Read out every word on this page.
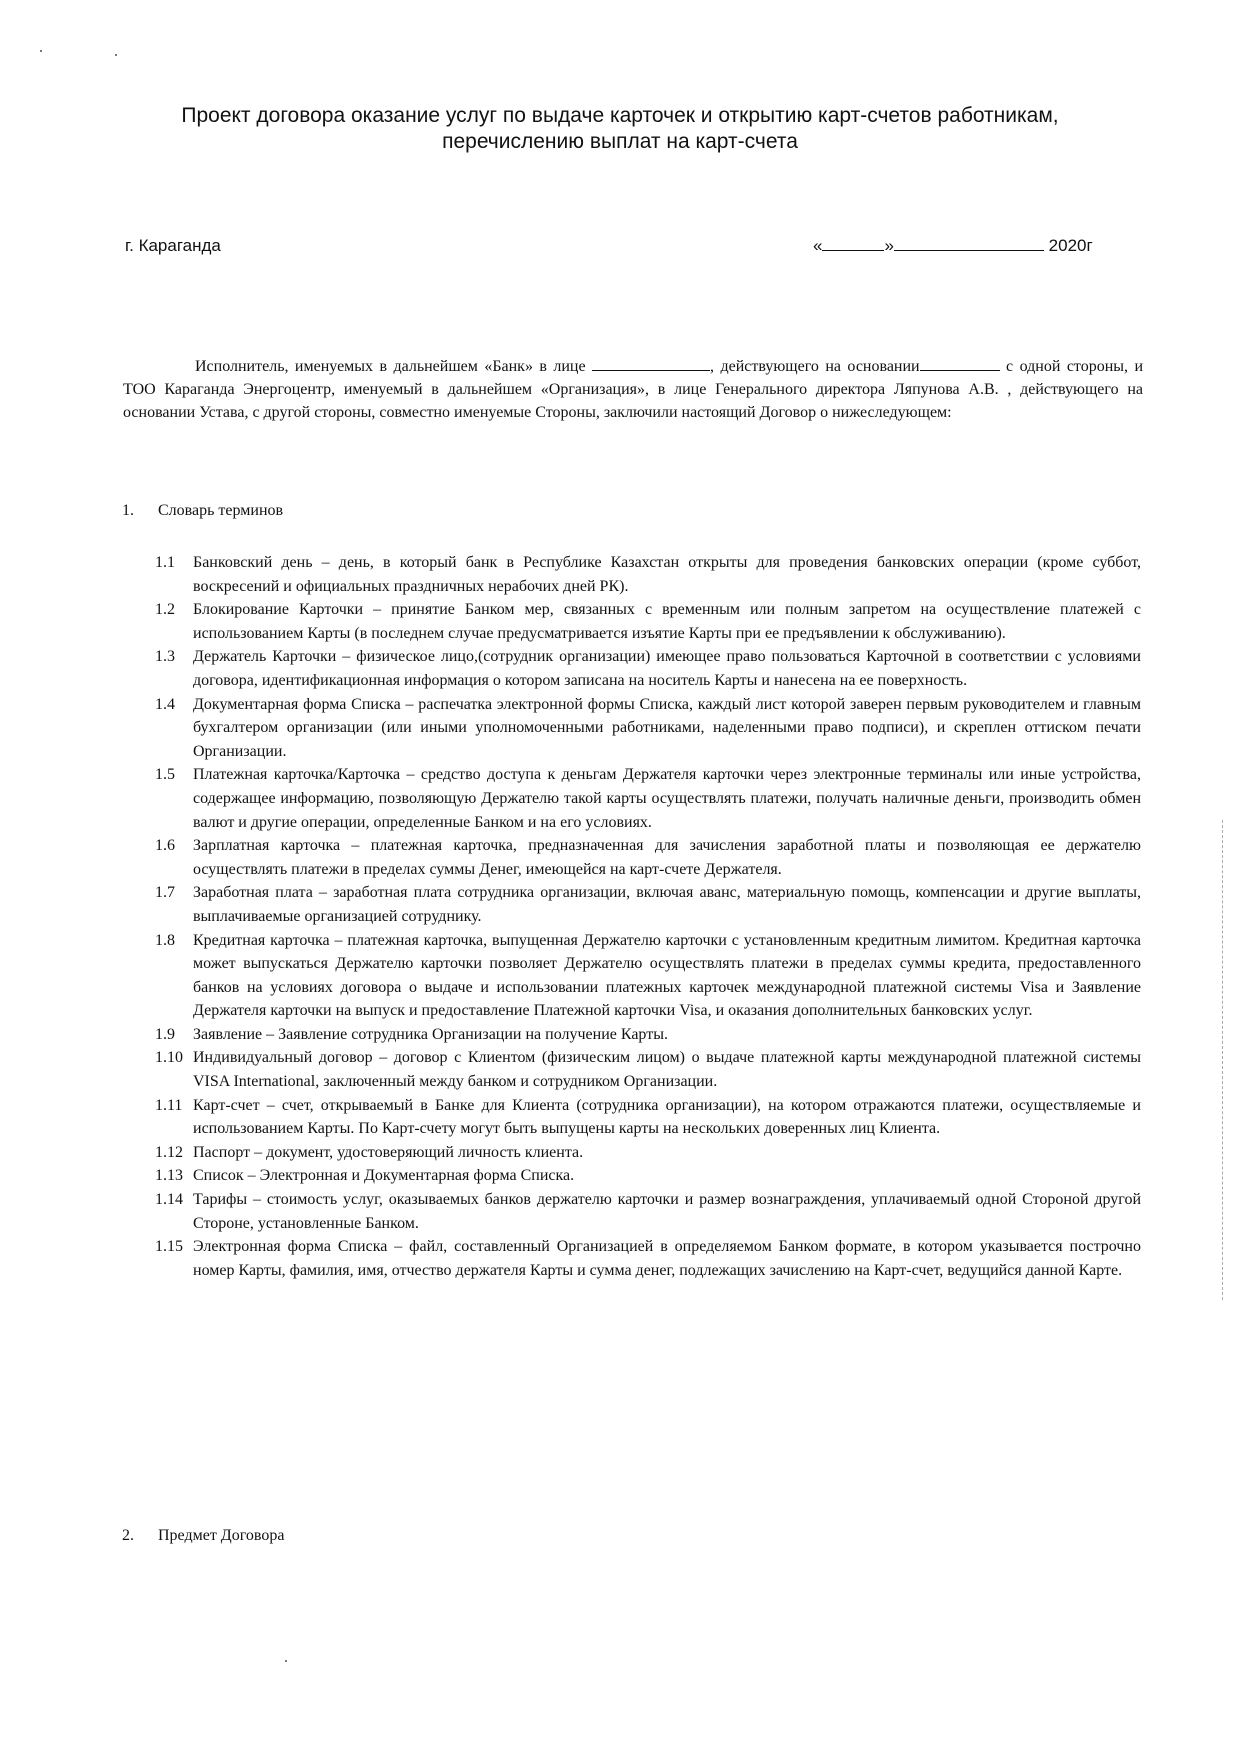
Проект договора оказание услуг по выдаче карточек и открытию карт-счетов работникам,
перечислению выплат на карт-счета
г. Караганда	«	»	2020г
Исполнитель, именуемых в дальнейшем «Банк» в лице	, действующего на основании	с одной стороны, и ТОО Караганда Энергоцентр, именуемый в дальнейшем «Организация», в лице Генерального директора Ляпунова А.В. , действующего на основании Устава, с другой стороны, совместно именуемые Стороны, заключили настоящий Договор о нижеследующем:
1. Словарь терминов
1.1	Банковский день – день, в который банк в Республике Казахстан открыты для проведения банковских операции (кроме суббот, воскресений и официальных праздничных нерабочих дней РК).
1.2	Блокирование Карточки – принятие Банком мер, связанных с временным или полным запретом на осуществление платежей с использованием Карты (в последнем случае предусматривается изъятие Карты при ее предъявлении к обслуживанию).
1.3	Держатель Карточки – физическое лицо,(сотрудник организации) имеющее право пользоваться Карточной в соответствии с условиями договора, идентификационная информация о котором записана на носитель Карты и нанесена на ее поверхность.
1.4	Документарная форма Списка – распечатка электронной формы Списка, каждый лист которой заверен первым руководителем и главным бухгалтером организации (или иными уполномоченными работниками, наделенными право подписи), и скреплен оттиском печати Организации.
1.5	Платежная карточка/Карточка – средство доступа к деньгам Держателя карточки через электронные терминалы или иные устройства, содержащее информацию, позволяющую Держателю такой карты осуществлять платежи, получать наличные деньги, производить обмен валют и другие операции, определенные Банком и на его условиях.
1.6	Зарплатная карточка – платежная карточка, предназначенная для зачисления заработной платы и позволяющая ее держателю осуществлять платежи в пределах суммы Денег, имеющейся на карт-счете Держателя.
1.7	Заработная плата – заработная плата сотрудника организации, включая аванс, материальную помощь, компенсации и другие выплаты, выплачиваемые организацией сотруднику.
1.8	Кредитная карточка – платежная карточка, выпущенная Держателю карточки с установленным кредитным лимитом. Кредитная карточка может выпускаться Держателю карточки позволяет Держателю осуществлять платежи в пределах суммы кредита, предоставленного банков на условиях договора о выдаче и использовании платежных карточек международной платежной системы Visa и Заявление Держателя карточки на выпуск и предоставление Платежной карточки Visa, и оказания дополнительных банковских услуг.
1.9	Заявление – Заявление сотрудника Организации на получение Карты.
1.10 Индивидуальный договор – договор с Клиентом (физическим лицом) о выдаче платежной карты международной платежной системы VISA International, заключенный между банком и сотрудником Организации.
1.11 Карт-счет – счет, открываемый в Банке для Клиента (сотрудника организации), на котором отражаются платежи, осуществляемые и использованием Карты. По Карт-счету могут быть выпущены карты на нескольких доверенных лиц Клиента.
1.12 Паспорт – документ, удостоверяющий личность клиента.
1.13 Список – Электронная и Документарная форма Списка.
1.14 Тарифы – стоимость услуг, оказываемых банков держателю карточки и размер вознаграждения, уплачиваемый одной Стороной другой Стороне, установленные Банком.
1.15 Электронная форма Списка – файл, составленный Организацией в определяемом Банком формате, в котором указывается построчно номер Карты, фамилия, имя, отчество держателя Карты и сумма денег, подлежащих зачислению на Карт-счет, ведущийся данной Карте.
2. Предмет Договора
